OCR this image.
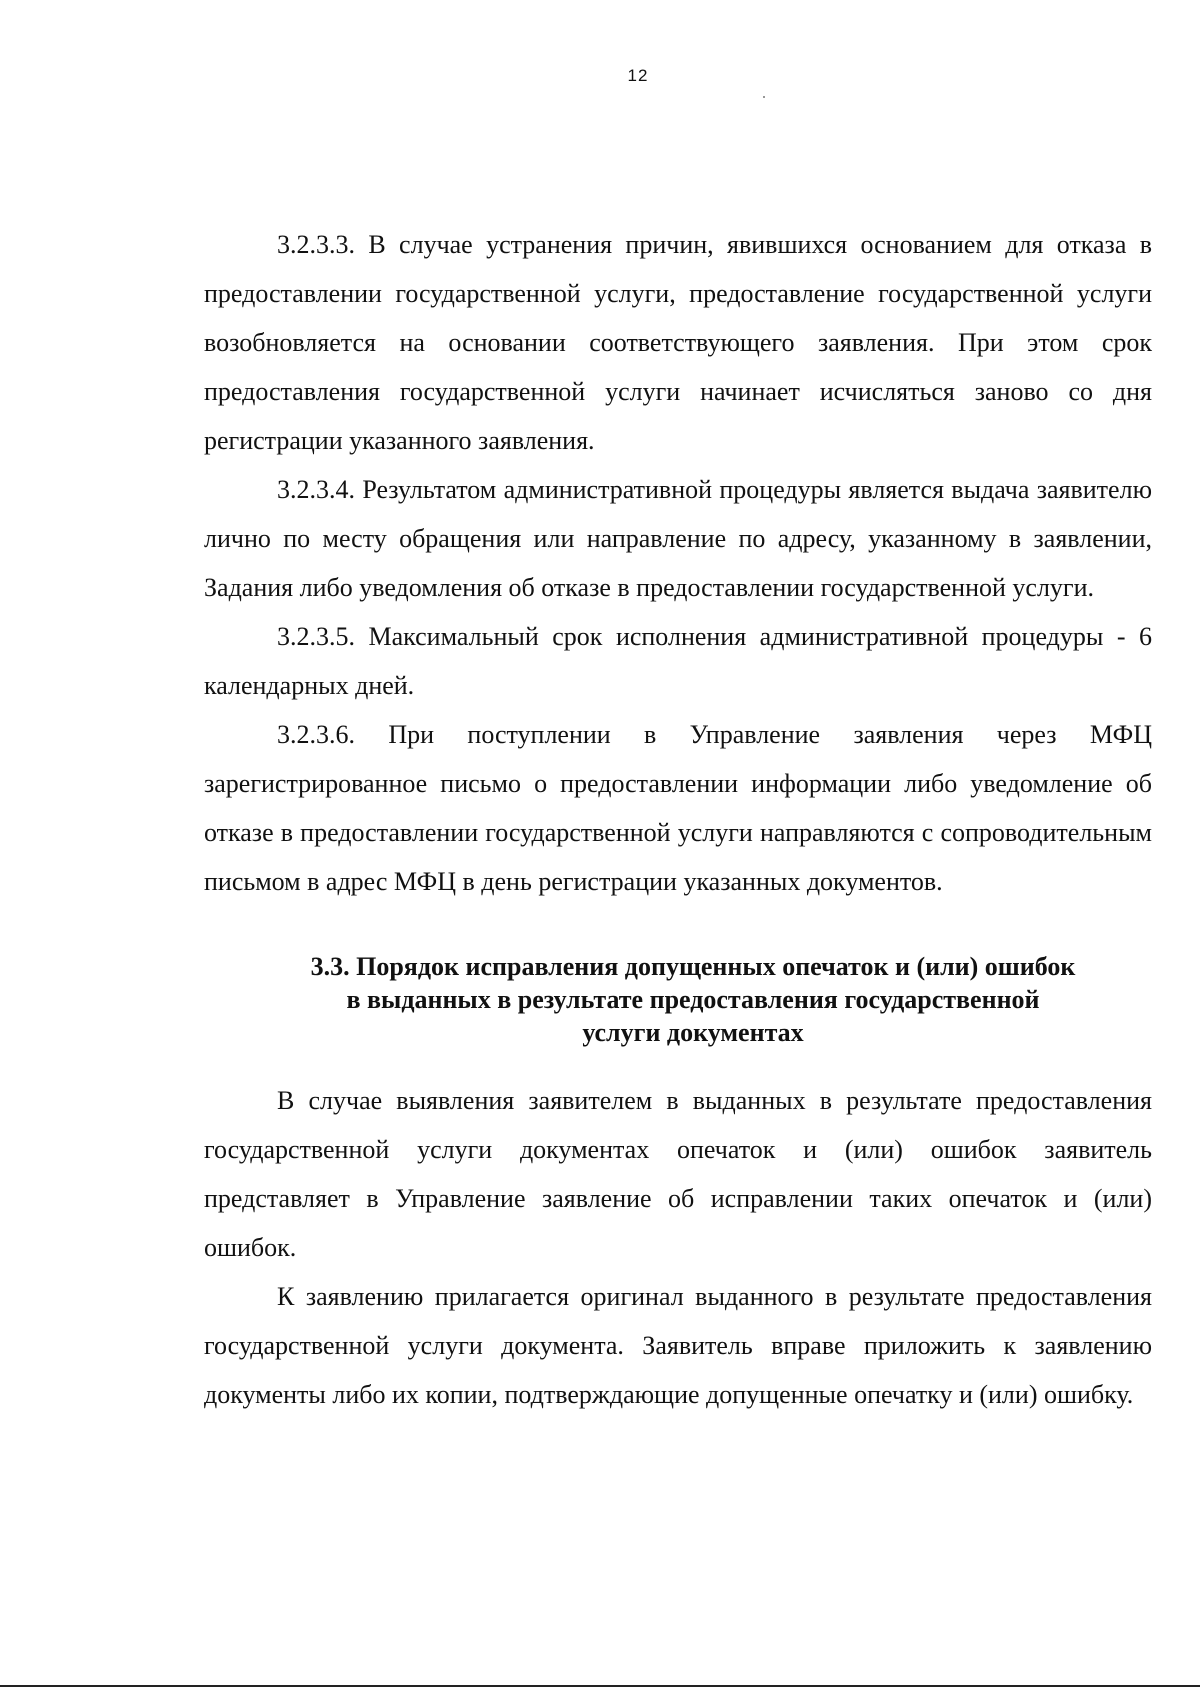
12

3.2.3.3. В случае устранения причин, явившихся основанием для отказа в предоставлении государственной услуги, предоставление государственной услуги возобновляется на основании соответствующего заявления. При этом срок предоставления государственной услуги начинает исчисляться заново со дня регистрации указанного заявления.

3.2.3.4. Результатом административной процедуры является выдача заявителю лично по месту обращения или направление по адресу, указанному в заявлении, Задания либо уведомления об отказе в предоставлении государственной услуги.

3.2.3.5. Максимальный срок исполнения административной процедуры - 6 календарных дней.

3.2.3.6. При поступлении в Управление заявления через МФЦ зарегистрированное письмо о предоставлении информации либо уведомление об отказе в предоставлении государственной услуги направляются с сопроводительным письмом в адрес МФЦ в день регистрации указанных документов.

3.3. Порядок исправления допущенных опечаток и (или) ошибок
в выданных в результате предоставления государственной
услуги документах

В случае выявления заявителем в выданных в результате предоставления государственной услуги документах опечаток и (или) ошибок заявитель представляет в Управление заявление об исправлении таких опечаток и (или) ошибок.

К заявлению прилагается оригинал выданного в результате предоставления государственной услуги документа. Заявитель вправе приложить к заявлению документы либо их копии, подтверждающие допущенные опечатку и (или) ошибку.
